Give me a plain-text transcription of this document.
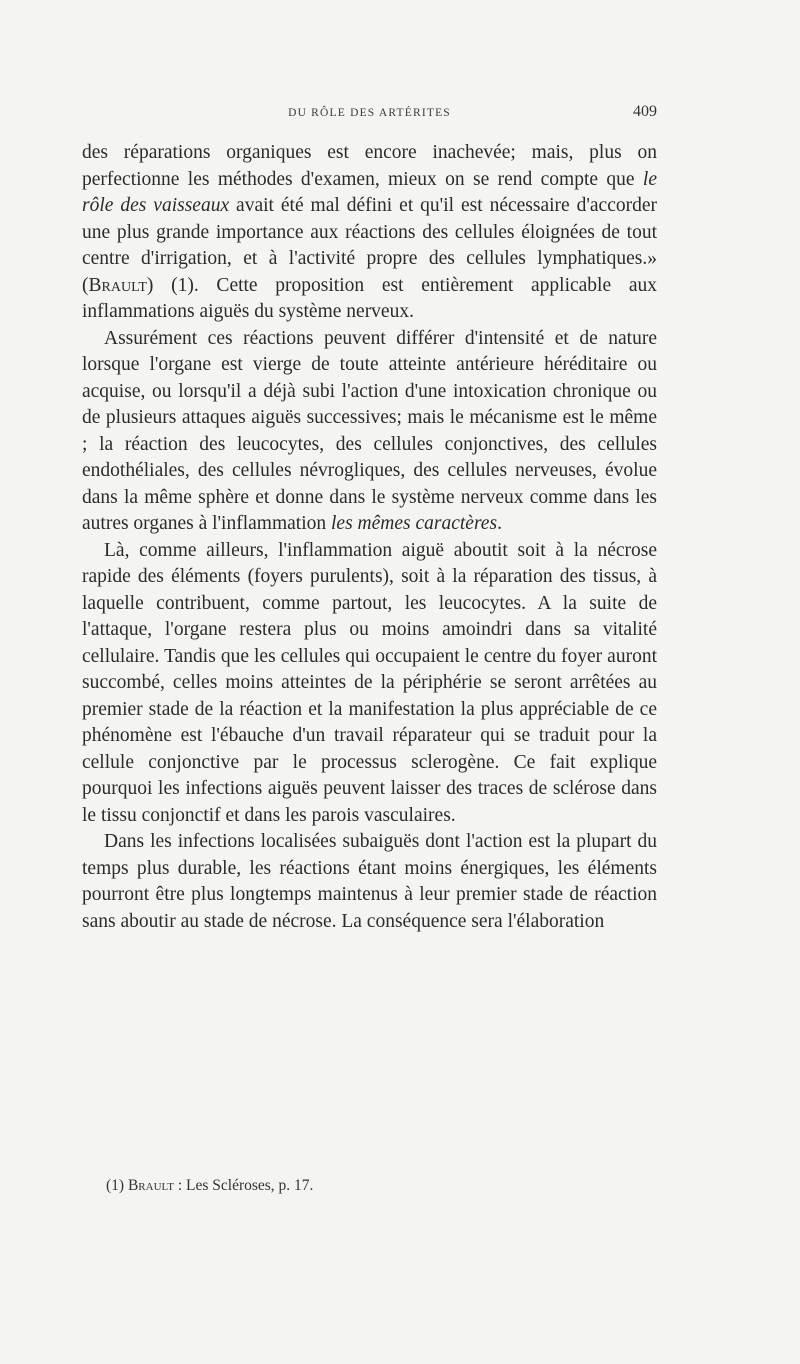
DU RÔLE DES ARTÉRITES	409

des réparations organiques est encore inachevée; mais, plus on perfectionne les méthodes d'examen, mieux on se rend compte que le rôle des vaisseaux avait été mal défini et qu'il est nécessaire d'accorder une plus grande importance aux réactions des cellules éloignées de tout centre d'irrigation, et à l'activité propre des cellules lymphatiques.» (Brault) (1). Cette proposition est entièrement applicable aux inflammations aiguës du système nerveux.

Assurément ces réactions peuvent différer d'intensité et de nature lorsque l'organe est vierge de toute atteinte antérieure héréditaire ou acquise, ou lorsqu'il a déjà subi l'action d'une intoxication chronique ou de plusieurs attaques aiguës successives; mais le mécanisme est le même ; la réaction des leucocytes, des cellules conjonctives, des cellules endothéliales, des cellules névrogliques, des cellules nerveuses, évolue dans la même sphère et donne dans le système nerveux comme dans les autres organes à l'inflammation les mêmes caractères.

Là, comme ailleurs, l'inflammation aiguë aboutit soit à la nécrose rapide des éléments (foyers purulents), soit à la réparation des tissus, à laquelle contribuent, comme partout, les leucocytes. A la suite de l'attaque, l'organe restera plus ou moins amoindri dans sa vitalité cellulaire. Tandis que les cellules qui occupaient le centre du foyer auront succombé, celles moins atteintes de la périphérie se seront arrêtées au premier stade de la réaction et la manifestation la plus appréciable de ce phénomène est l'ébauche d'un travail réparateur qui se traduit pour la cellule conjonctive par le processus sclerogène. Ce fait explique pourquoi les infections aiguës peuvent laisser des traces de sclérose dans le tissu conjonctif et dans les parois vasculaires.

Dans les infections localisées subaiguës dont l'action est la plupart du temps plus durable, les réactions étant moins énergiques, les éléments pourront être plus longtemps maintenus à leur premier stade de réaction sans aboutir au stade de nécrose. La conséquence sera l'élaboration

(1) Brault : Les Scléroses, p. 17.
